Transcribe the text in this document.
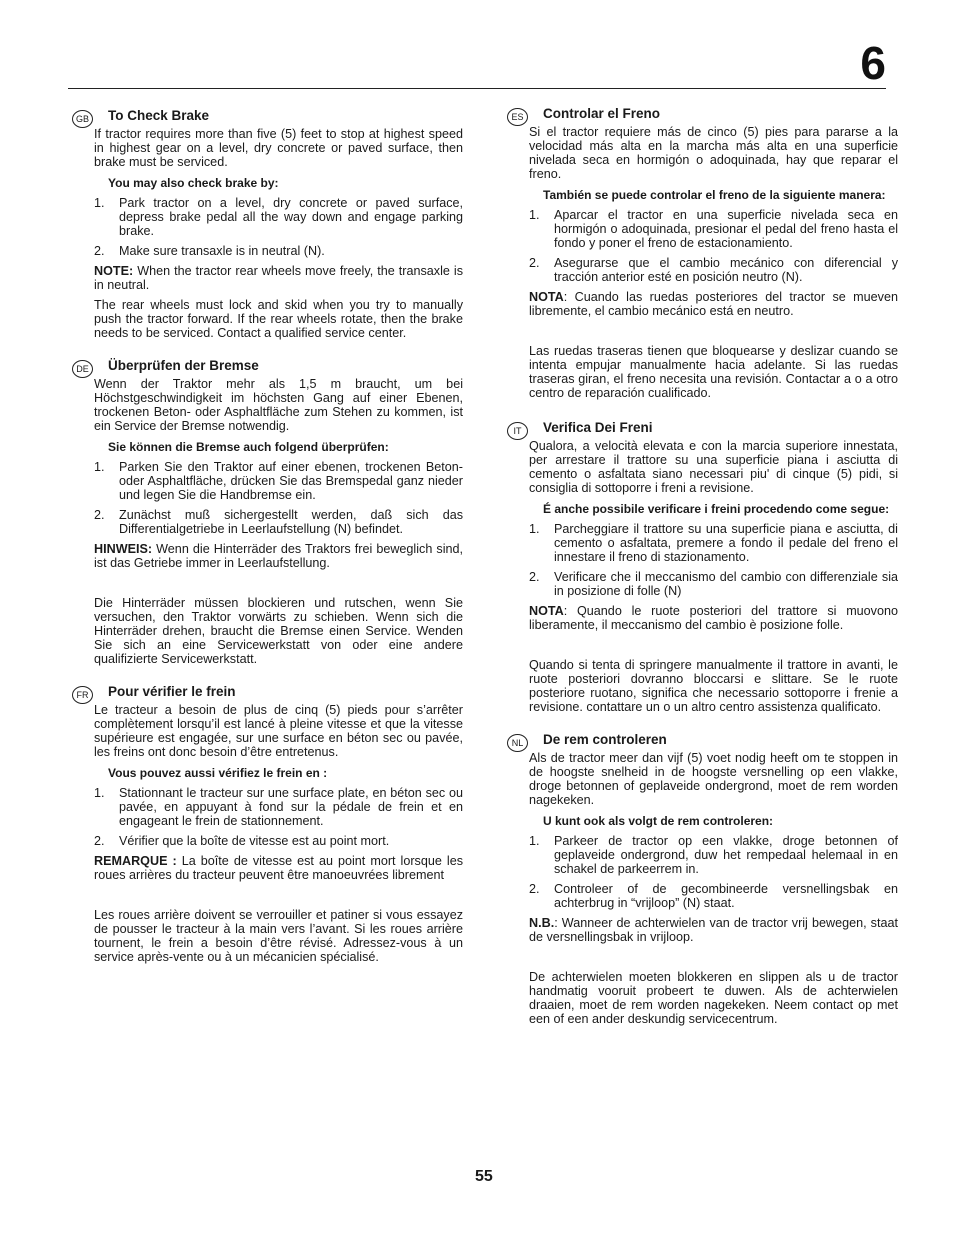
6
GB To Check Brake

If tractor requires more than five (5) feet to stop at highest speed in highest gear on a level, dry concrete or paved surface, then brake must be serviced.

You may also check brake by:
1.	Park tractor on a level, dry concrete or paved surface, depress brake pedal all the way down and engage parking brake.
2.	Make sure transaxle is in neutral (N).

NOTE: When the tractor rear wheels move freely, the transaxle is in neutral.

The rear wheels must lock and skid when you try to manually push the tractor forward. If the rear wheels rotate, then the brake needs to be serviced. Contact a qualified service center.

DE	Überprüfen der Bremse

Wenn der Traktor mehr als 1,5 m braucht, um bei Höchstgeschwindigkeit im höchsten Gang auf einer Ebenen, trockenen Beton- oder Asphaltfläche zum Stehen zu kommen, ist ein Service der Bremse notwendig.

Sie können die Bremse auch folgend überprüfen:
1.	Parken Sie den Traktor auf einer ebenen, trockenen Beton- oder Asphaltfläche, drücken Sie das Bremspedal ganz nieder und legen Sie die Handbremse ein.
2.	Zunächst muß sichergestellt werden, daß sich das Differentialgetriebe in Leerlaufstellung (N) befindet.

HINWEIS: Wenn die Hinterräder des Traktors frei beweglich sind, ist das Getriebe immer in Leerlaufstellung.

Die Hinterräder müssen blockieren und rutschen, wenn Sie versuchen, den Traktor vorwärts zu schieben. Wenn sich die Hinterräder drehen, braucht die Bremse einen Service. Wenden Sie sich an eine Servicewerkstatt von oder eine andere qualifizierte Servicewerkstatt.

FR	Pour vérifier le frein

Le tracteur a besoin de plus de cinq (5) pieds pour s’arrêter complètement lorsqu’il est lancé à pleine vitesse et que la vitesse supérieure est engagée, sur une surface en béton sec ou pavée, les freins ont donc besoin d’être entretenus.

Vous pouvez aussi vérifiez le frein en :
1.	Stationnant le tracteur sur une surface plate, en béton sec ou pavée, en appuyant à fond sur la pédale de frein et en engageant le frein de stationnement.
2.	Vérifier que la boîte de vitesse est au point mort.

REMARQUE : La boîte de vitesse est au point mort lorsque les roues arrières du tracteur peuvent être manoeuvrées librement

Les roues arrière doivent se verrouiller et patiner si vous essayez de pousser le tracteur à la main vers l’avant. Si les roues arrière tournent, le frein a besoin d’être révisé. Adressez-vous à un service après-vente ou à un mécanicien spécialisé.

ES	Controlar el Freno

Si el tractor requiere más de cinco (5) pies para pararse a la velocidad más alta en la marcha más alta en una superficie nivelada seca en hormigón o adoquinada, hay que reparar el freno.

También se puede controlar el freno de la siguiente manera:
1.	Aparcar el tractor en una superficie nivelada seca en hormigón o adoquinada, presionar el pedal del freno hasta el fondo y poner el freno de estacionamiento.
2.	Asegurarse que el cambio mecánico con diferencial y tracción anterior esté en posición neutro (N).

NOTA: Cuando las ruedas posteriores del tractor se mueven libremente, el cambio mecánico está en neutro.

Las ruedas traseras tienen que bloquearse y deslizar cuando se intenta empujar manualmente hacia adelante. Si las ruedas traseras giran, el freno necesita una revisión. Contactar a o a otro centro de reparación cualificado.

IT	Verifica Dei Freni

Qualora, a velocità elevata e con la marcia superiore innestata, per arrestare il trattore su una superficie piana i asciutta di cemento o asfaltata siano necessari piu' di cinque (5) pidi, si consiglia di sottoporre i freni a revisione.

É anche possibile verificare i freini procedendo come segue:
1.	Parcheggiare il trattore su una superficie piana e asciutta, di cemento o asfaltata, premere a fondo il pedale del freno el innestare il freno di stazionamento.
2.	Verificare che il meccanismo del cambio con differenziale sia in posizione di folle (N)

NOTA: Quando le ruote posteriori del trattore si muovono liberamente, il meccanismo del cambio è posizione folle.

Quando si tenta di springere manualmente il trattore in avanti, le ruote posteriori dovranno bloccarsi e slittare. Se le ruote posteriore ruotano, significa che necessario sottoporre i frenie a revisione. contattare un o un altro centro assistenza qualificato.

NL	De rem controleren

Als de tractor meer dan vijf (5) voet nodig heeft om te stoppen in de hoogste snelheid in de hoogste versnelling op een vlakke, droge betonnen of geplaveide ondergrond, moet de rem worden nagekeken.

U kunt ook als volgt de rem controleren:
1.	Parkeer de tractor op een vlakke, droge betonnen of geplaveide ondergrond, duw het rempedaal helemaal in en schakel de parkeerrem in.
2.	Controleer of de gecombineerde versnellingsbak en achterbrug in “vrijloop” (N) staat.

N.B.: Wanneer de achterwielen van de tractor vrij bewegen, staat de versnellingsbak in vrijloop.

De achterwielen moeten blokkeren en slippen als u de tractor handmatig vooruit probeert te duwen. Als de achterwielen draaien, moet de rem worden nagekeken. Neem contact op met een of een ander deskundig servicecentrum.

55
